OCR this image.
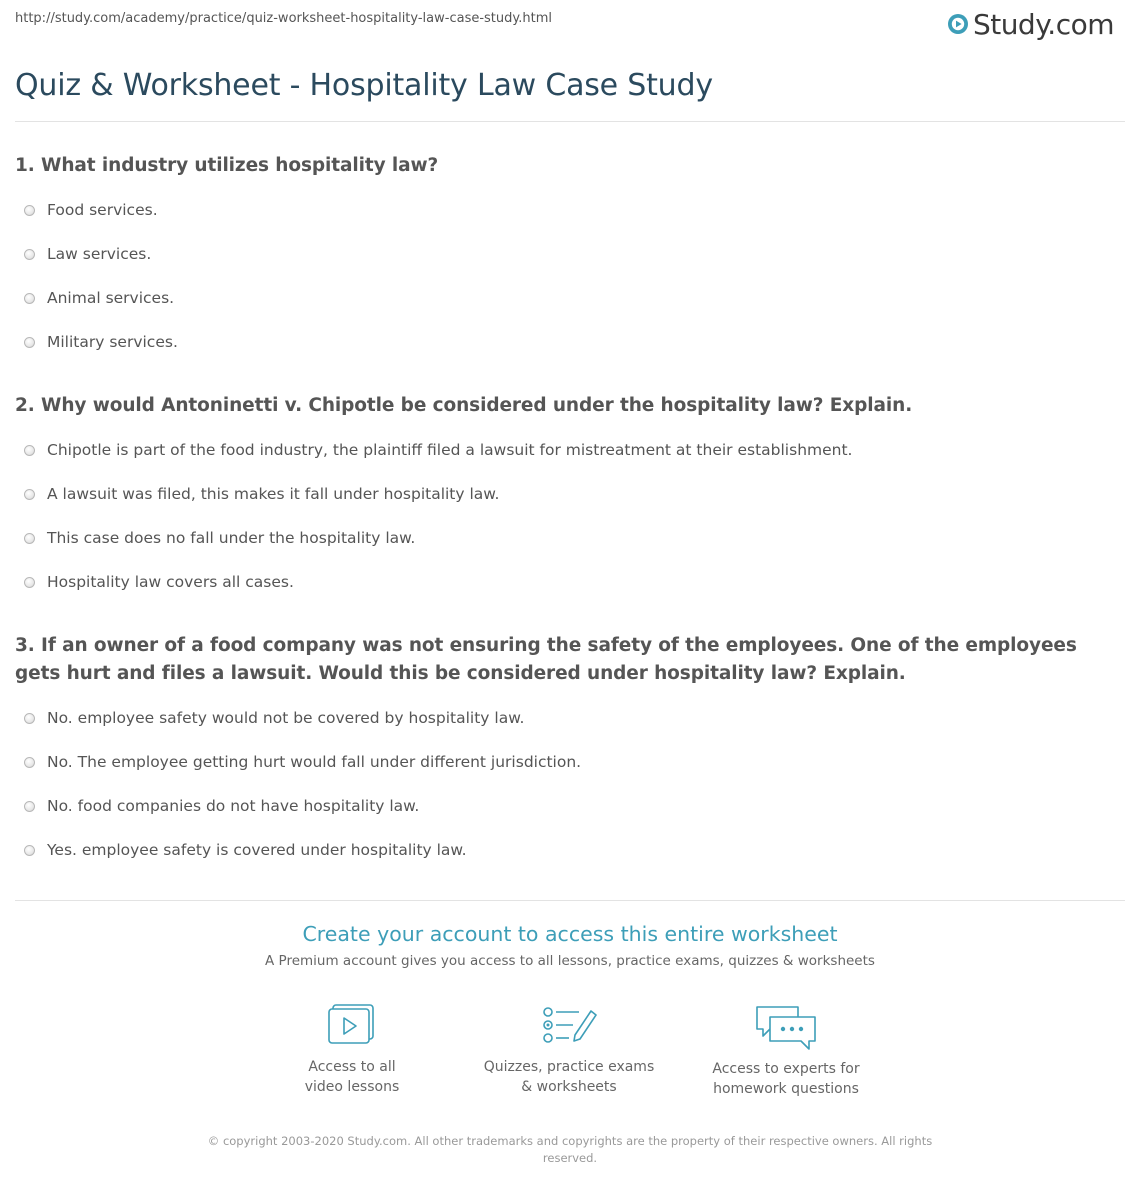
http://study.com/academy/practice/quiz-worksheet-hospitality-law-case-study.html	Study.com
Quiz & Worksheet - Hospitality Law Case Study

1. What industry utilizes hospitality law?

Food services.
Law services.
Animal services.
Military services.

2. Why would Antoninetti v. Chipotle be considered under the hospitality law? Explain.

Chipotle is part of the food industry, the plaintiff filed a lawsuit for mistreatment at their establishment.
A lawsuit was filed, this makes it fall under hospitality law.
This case does no fall under the hospitality law.
Hospitality law covers all cases.

3. If an owner of a food company was not ensuring the safety of the employees. One of the employees gets hurt and files a lawsuit. Would this be considered under hospitality law? Explain.

No. employee safety would not be covered by hospitality law.
No. The employee getting hurt would fall under different jurisdiction.
No. food companies do not have hospitality law.
Yes. employee safety is covered under hospitality law.
Create your account to access this entire worksheet
A Premium account gives you access to all lessons, practice exams, quizzes & worksheets
Access to all
video lessons
Quizzes, practice exams
& worksheets
Access to experts for
homework questions
© copyright 2003-2020 Study.com. All other trademarks and copyrights are the property of their respective owners. All rights reserved.
